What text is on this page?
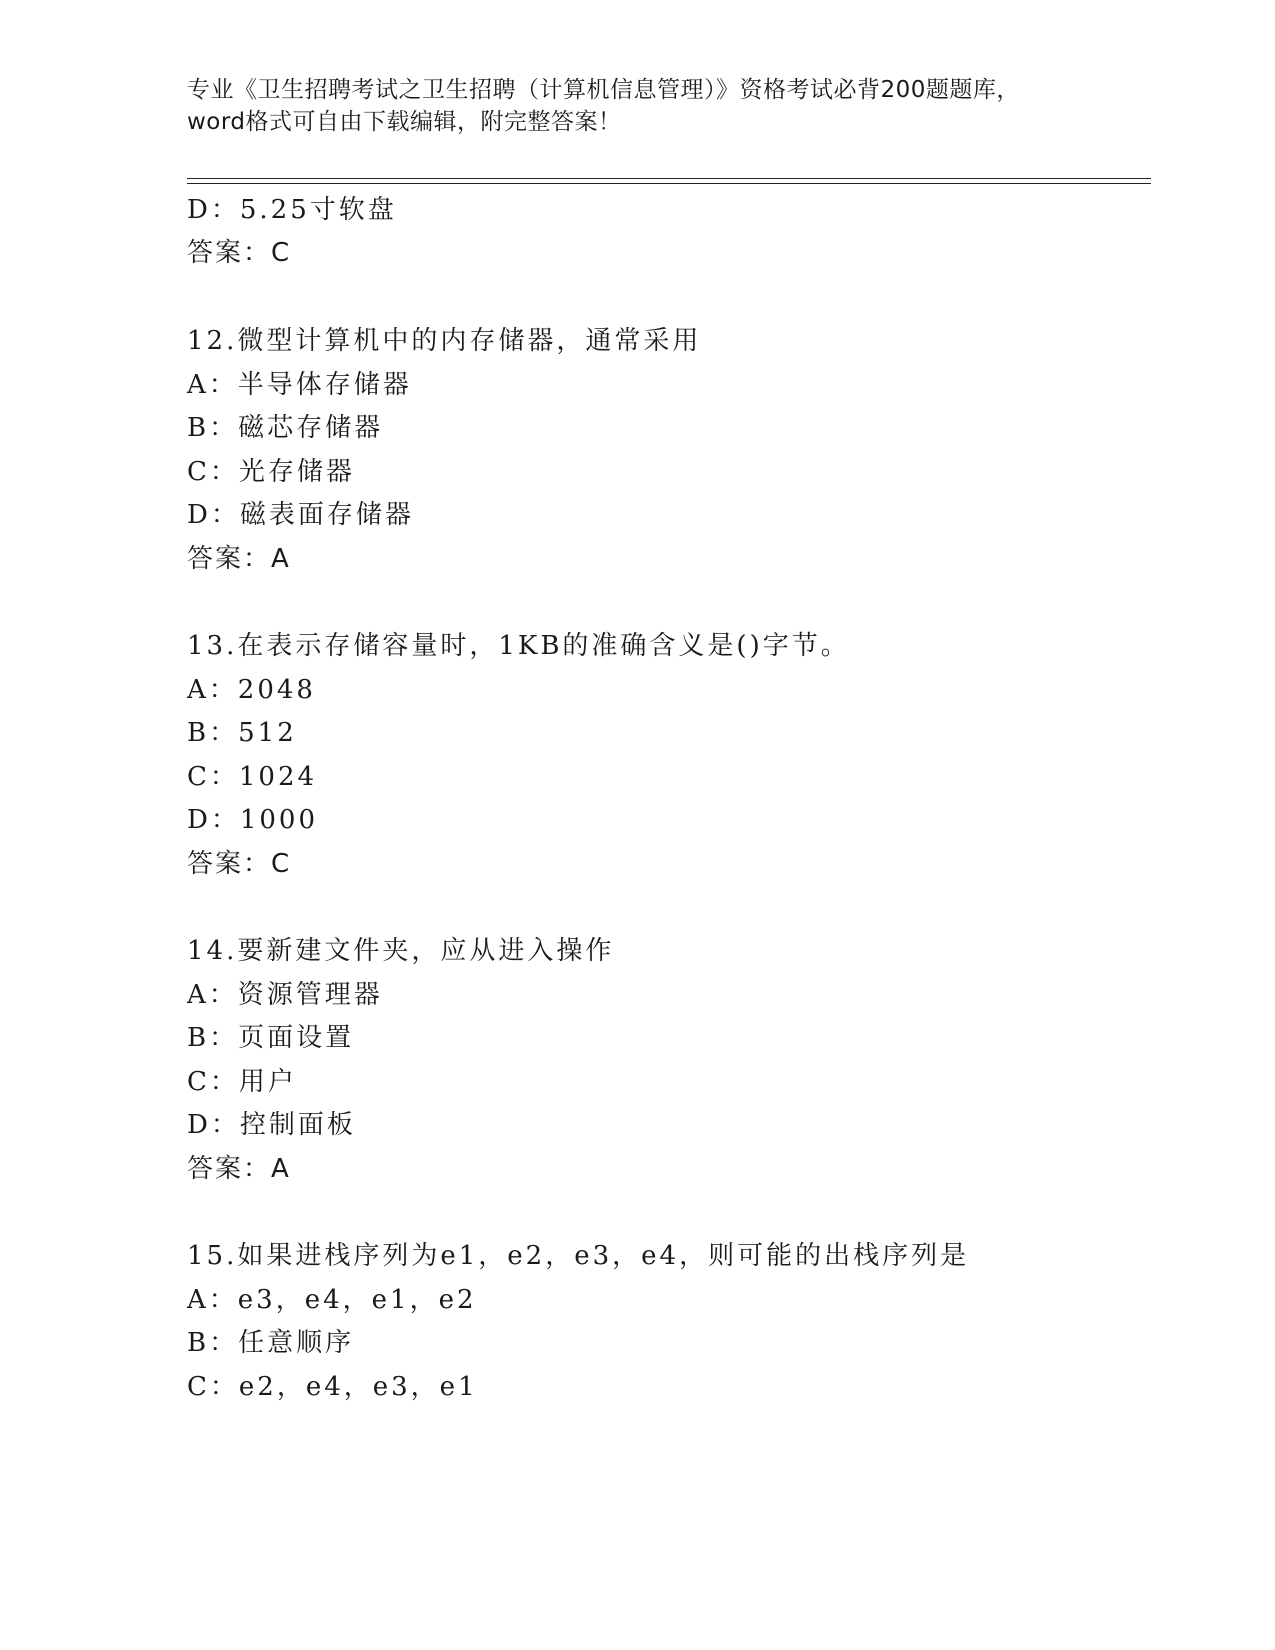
专业《卫生招聘考试之卫生招聘（计算机信息管理）》资格考试必背200题题库，
word格式可自由下载编辑，附完整答案！
D：5.25寸软盘
答案：C
12.微型计算机中的内存储器，通常采用
A：半导体存储器
B：磁芯存储器
C：光存储器
D：磁表面存储器
答案：A
13.在表示存储容量时，1KB的准确含义是()字节。
A：2048
B：512
C：1024
D：1000
答案：C
14.要新建文件夹，应从进入操作
A：资源管理器
B：页面设置
C：用户
D：控制面板
答案：A
15.如果进栈序列为e1，e2，e3，e4，则可能的出栈序列是
A：e3，e4，e1，e2
B：任意顺序
C：e2，e4，e3，e1
